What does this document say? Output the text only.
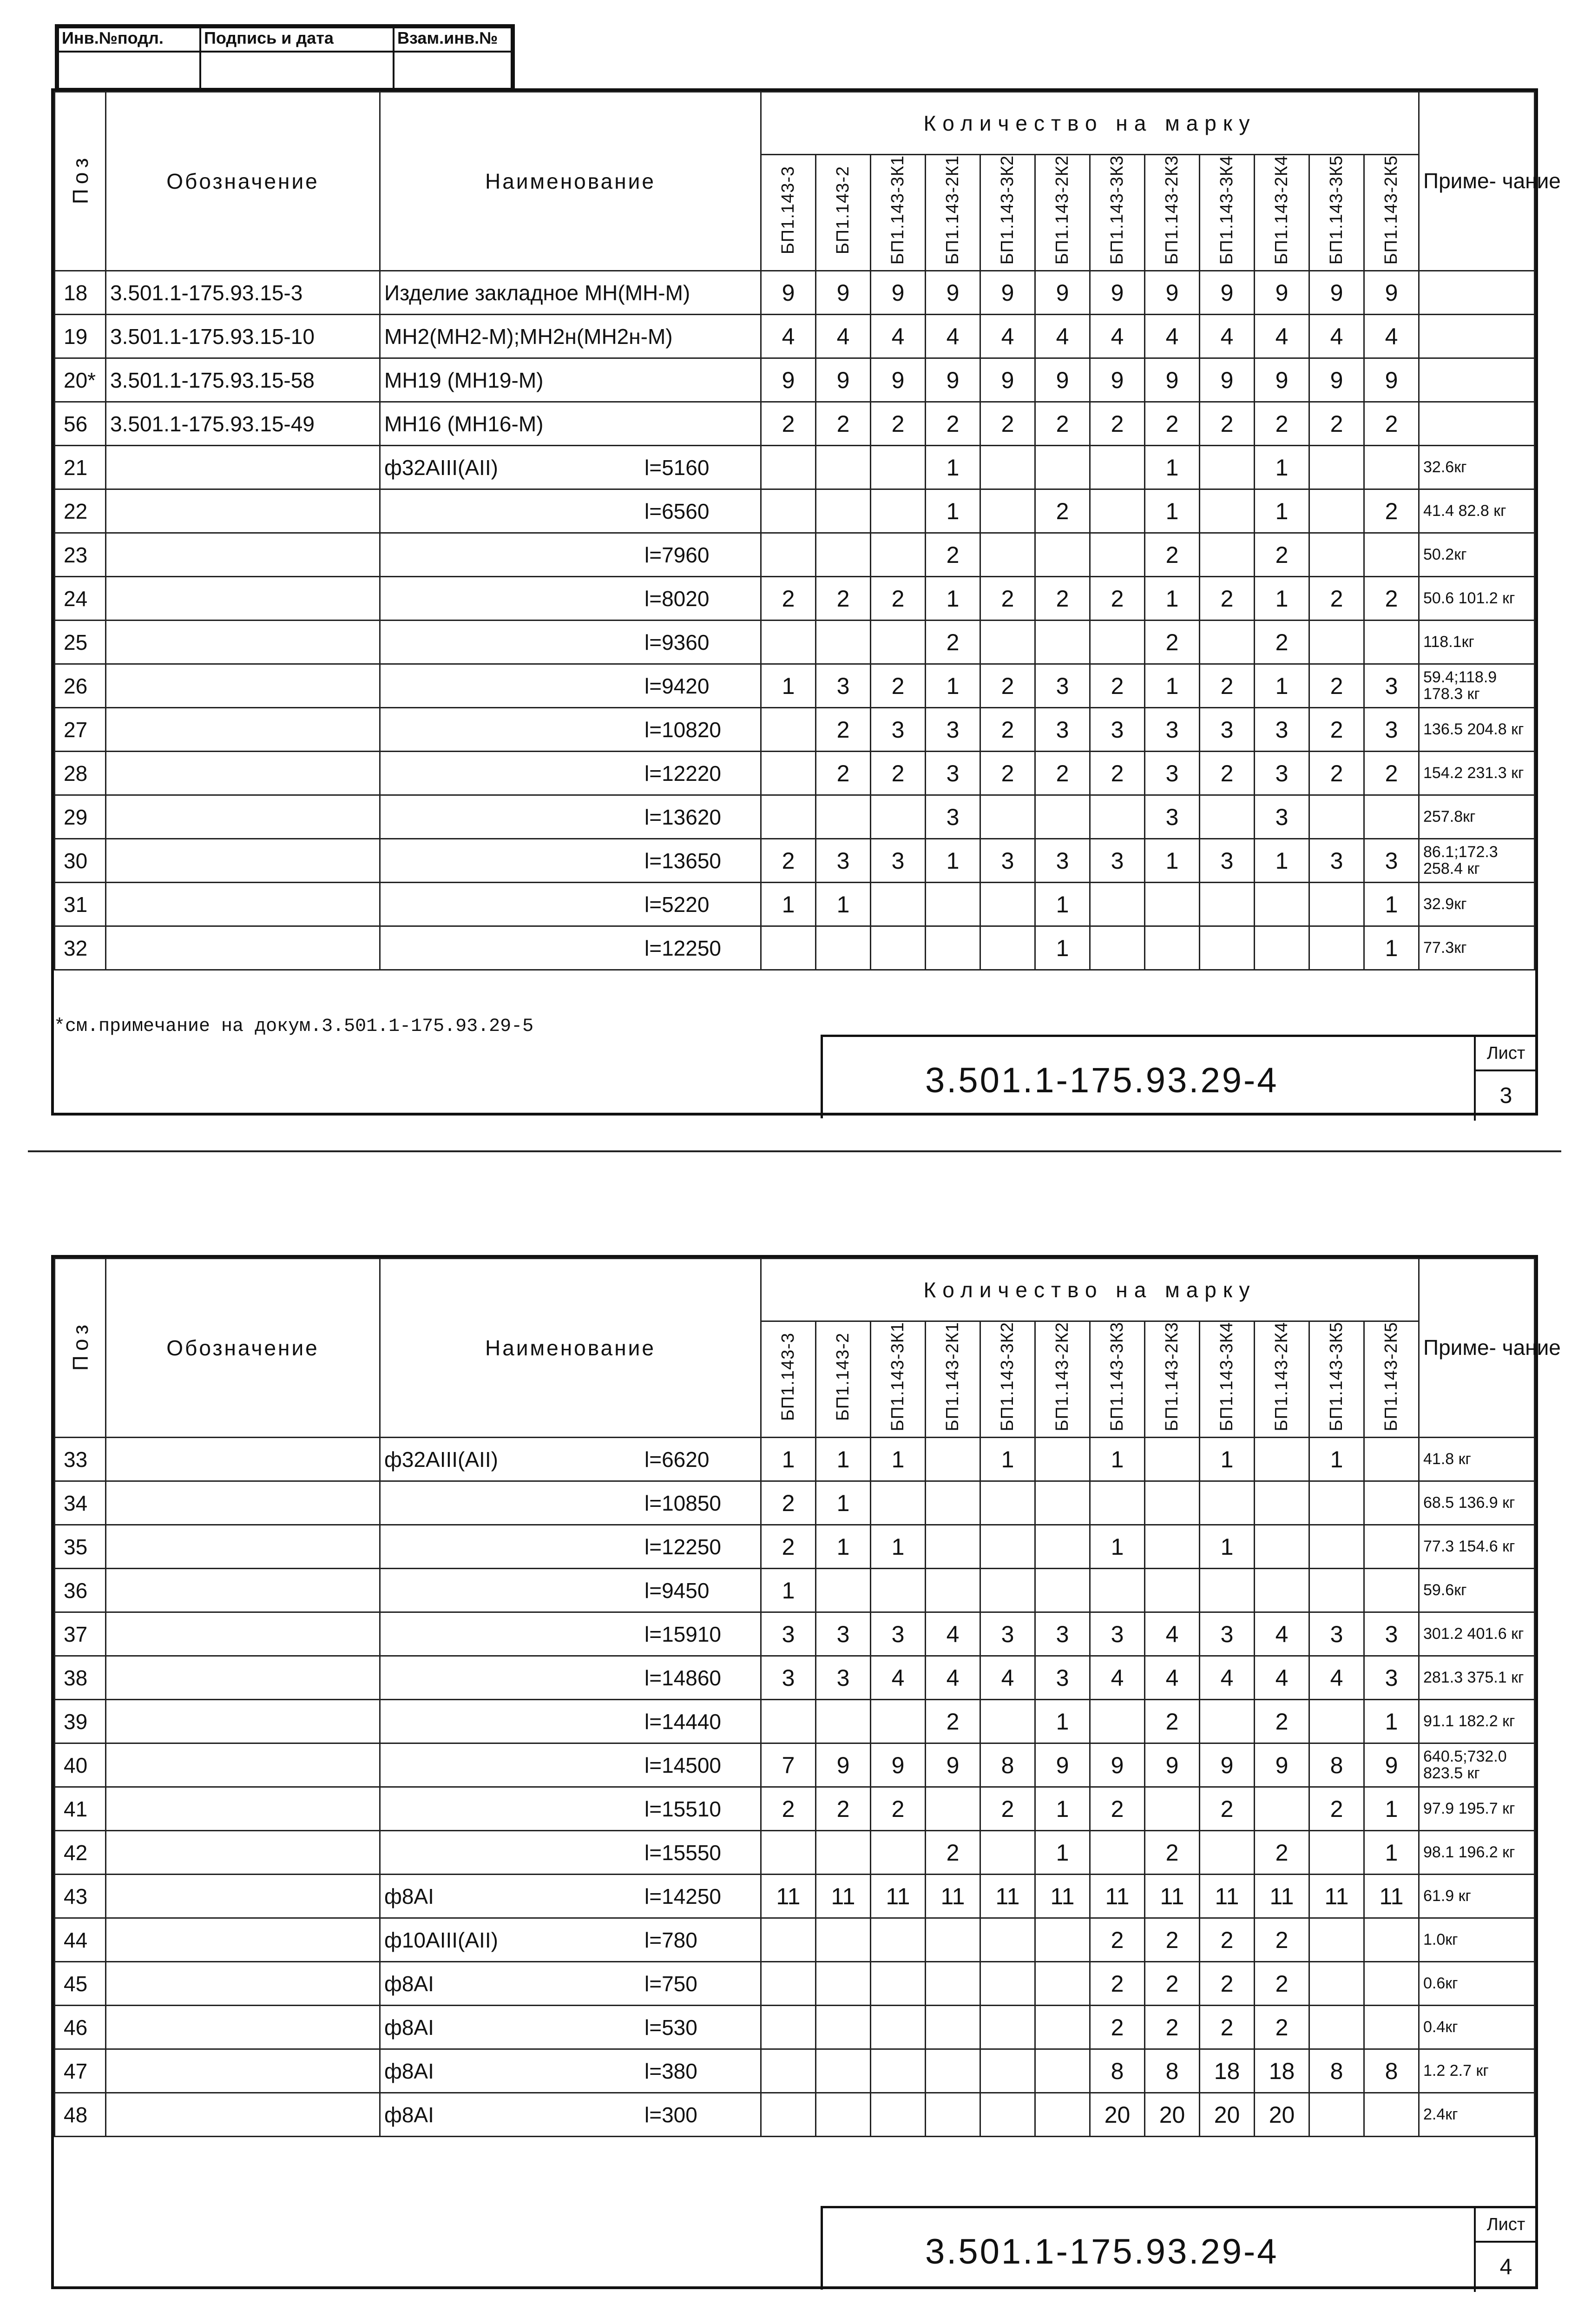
Инв.№подл.	Подпись и дата	Взам.инв.№

Поз	Обозначение	Наименование	Количество на марку												Приме- чание
			БП1.143-3	БП1.143-2	БП1.143-3К1	БП1.143-2К1	БП1.143-3К2	БП1.143-2К2	БП1.143-3К3	БП1.143-2К3	БП1.143-3К4	БП1.143-2К4	БП1.143-3К5	БП1.143-2К5	
18	3.501.1-175.93.15-3	Изделие закладное МН(МН-М)	9	9	9	9	9	9	9	9	9	9	9	9	
19	3.501.1-175.93.15-10	МН2(МН2-М);МН2н(МН2н-М)	4	4	4	4	4	4	4	4	4	4	4	4	
20*	3.501.1-175.93.15-58	МН19 (МН19-М)	9	9	9	9	9	9	9	9	9	9	9	9	
56	3.501.1-175.93.15-49	МН16 (МН16-М)	2	2	2	2	2	2	2	2	2	2	2	2	
21		ф32AIII(AII) l=5160				1				1		1			32.6кг
22		l=6560				1		2		1		1		2	41.4 82.8 кг
23		l=7960				2				2		2			50.2кг
24		l=8020	2	2	2	1	2	2	2	1	2	1	2	2	50.6 101.2 кг
25		l=9360				2				2		2			118.1кг
26		l=9420	1	3	2	1	2	3	2	1	2	1	2	3	59.4;118.9 178.3 кг
27		l=10820		2	3	3	2	3	3	3	3	3	2	3	136.5 204.8 кг
28		l=12220		2	2	3	2	2	2	3	2	3	2	2	154.2 231.3 кг
29		l=13620				3				3		3			257.8кг
30		l=13650	2	3	3	1	3	3	3	1	3	1	3	3	86.1;172.3 258.4 кг
31		l=5220	1	1				1						1	32.9кг
32		l=12250						1						1	77.3кг
*см.примечание на докум.3.501.1-175.93.29-5
3.501.1-175.93.29-4
Лист
3
Поз	Обозначение	Наименование	Количество на марку												Приме- чание
			БП1.143-3	БП1.143-2	БП1.143-3К1	БП1.143-2К1	БП1.143-3К2	БП1.143-2К2	БП1.143-3К3	БП1.143-2К3	БП1.143-3К4	БП1.143-2К4	БП1.143-3К5	БП1.143-2К5	
33		ф32AIII(AII) l=6620	1	1	1		1		1		1		1		41.8 кг
34		l=10850	2	1											68.5 136.9 кг
35		l=12250	2	1	1				1		1				77.3 154.6 кг
36		l=9450	1												59.6кг
37		l=15910	3	3	3	4	3	3	3	4	3	4	3	3	301.2 401.6 кг
38		l=14860	3	3	4	4	4	3	4	4	4	4	4	3	281.3 375.1 кг
39		l=14440				2		1		2		2		1	91.1 182.2 кг
40		l=14500	7	9	9	9	8	9	9	9	9	9	8	9	640.5;732.0 823.5 кг
41		l=15510	2	2	2		2	1	2		2		2	1	97.9 195.7 кг
42		l=15550				2		1		2		2		1	98.1 196.2 кг
43		ф8AI l=14250	11	11	11	11	11	11	11	11	11	11	11	11	61.9 кг
44		ф10AIII(AII) l=780							2	2	2	2			1.0кг
45		ф8AI l=750							2	2	2	2			0.6кг
46		ф8AI l=530							2	2	2	2			0.4кг
47		ф8AI l=380							8	8	18	18	8	8	1.2 2.7 кг
48		ф8AI l=300							20	20	20	20			2.4кг
3.501.1-175.93.29-4
Лист
4
